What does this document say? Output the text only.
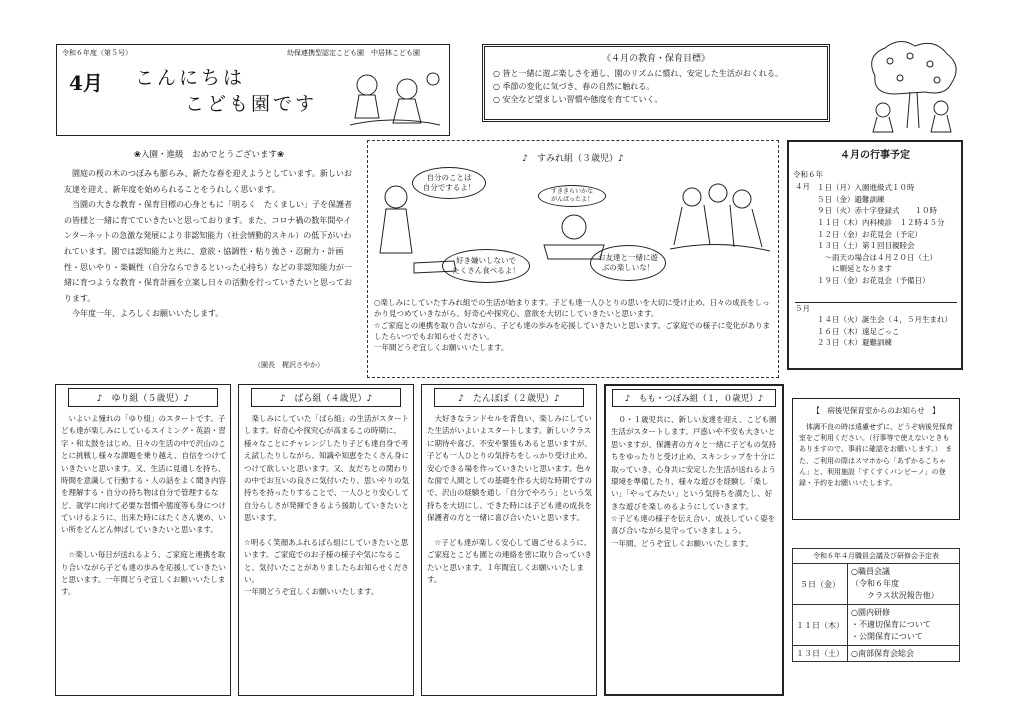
令和６年度（第５号）	幼保連携型認定こども園　中居林こども園
4月 こんにちは
こども園です
《４月の教育・保育目標》
○ 皆と一緒に遊ぶ楽しさを通し、園のリズムに慣れ、安定した生活がおくれる。
○ 季節の変化に気づき、春の自然に触れる。
○ 安全など望ましい習慣や態度を育てていく。
❀入園・進級　おめでとうございます❀
　園庭の桜の木のつぼみも膨らみ、新たな春を迎えようとしています。新しいお友達を迎え、新年度を始められることをうれしく思います。
　当園の大きな教育・保育目標の心身ともに「明るく　たくましい」子を保護者の皆様と一緒に育てていきたいと思っております。また、コロナ禍の数年間やインターネットの急激な発展により非認知能力（社会情動的スキル）の低下がいわれています。園では認知能力と共に、意欲・協調性・粘り強さ・忍耐力・計画性・思いやり・楽観性（自分ならできるといった心持ち）などの非認知能力が一緒に育つような教育・保育計画を立案し日々の活動を行っていきたいと思っております。
　今年度一年、よろしくお願いいたします。
（園長　梶沢さやか）
♪　すみれ組（３歳児）♪
自分のことは
自分でするよ！	すききらいかな
がんばったよ！
好き嫌いしないで
たくさん食べるよ！
お友達と一緒に遊
ぶの楽しいな！
○楽しみにしていたすみれ組での生活が始まります。子ども達一人ひとりの思いを大切に受け止め、日々の成長をしっかり見つめていきながら、好奇心や探究心、意欲を大切にしていきたいと思います。
☆ご家庭との連携を取り合いながら、子ども達の歩みを応援していきたいと思います。ご家庭での様子に変化がありましたらいつでもお知らせください。
一年間どうぞ宜しくお願いいたします。
４月の行事予定
令和６年
４月 １日（月）入園進級式１０時
５日（金）避難訓練
９日（火）赤十字登録式　　１０時
１１日（木）内科検診　１２時４５分
１２日（金）お花見会（予定）
１３日（土）第１回目親睦会
　～雨天の場合は４月２０日（土）
　　に順延となります
１９日（金）お花見会（予備日）
５月
１４日（火）誕生会（４，５月生まれ）
１６日（木）遠足ごっこ
２３日（木）避難訓練
♪　ゆり組（５歳児）♪
　いよいよ憧れの「ゆり組」のスタートです。子ども達が楽しみにしているスイミング・英語・習字・和太鼓をはじめ、日々の生活の中で沢山のことに挑戦し様々な課題を乗り越え、自信をつけていきたいと思います。又、生活に見通しを持ち、時間を意識して行動する・人の話をよく聞き内容を理解する・自分の持ち物は自分で管理するなど、就学に向けて必要な習慣や態度等も身につけていけるように、出来た時にはたくさん褒め、いい所をどんどん伸ばしていきたいと思います。

　☆楽しい毎日が送れるよう、ご家庭と連携を取り合いながら子ども達の歩みを応援していきたいと思います。一年間どうぞ宜しくお願いいたします。
♪　ばら組（４歳児）♪
　楽しみにしていた「ばら組」の生活がスタートします。好奇心や探究心が高まるこの時期に、様々なことにチャレンジしたり子ども達自身で考え試したりしながら、知識や知恵をたくさん身につけて欲しいと思います。又、友だちとの関わりの中でお互いの良さに気付いたり、思いやりの気持ちを持ったりすることで、一人ひとり安心して自分らしさが発揮できるよう援助していきたいと思います。

☆明るく笑顔あふれるばら組にしていきたいと思います。ご家庭でのお子様の様子や気になること、気付いたことがありましたらお知らせください。
一年間どうぞ宜しくお願いいたします。
♪　たんぽぽ（２歳児）♪
　大好きなランドセルを背負い、楽しみにしていた生活がいよいよスタートします。新しいクラスに期待や喜び、不安や緊張もあると思いますが、子ども一人ひとりの気持ちをしっかり受け止め、安心できる場を作っていきたいと思います。色々な面で人間としての基礎を作る大切な時期ですので、沢山の経験を通し「自分でやろう」という気持ちを大切にし、できた時には子ども達の成長を保護者の方と一緒に喜び合いたいと思います。

　☆子ども達が楽しく安心して過ごせるように、ご家庭とこども園との連絡を密に取り合っていきたいと思います。１年間宜しくお願いいたします。
♪　もも・つぼみ組（１，０歳児）♪
　０・１歳児共に、新しい友達を迎え、こども園生活がスタートします。戸惑いや不安も大きいと思いますが、保護者の方々と一緒に子どもの気持ちをゆったりと受け止め、スキンシップを十分に取っていき、心身共に安定した生活が送れるよう環境を準備したり、様々な遊びを経験し「楽しい」「やってみたい」という気持ちを満たし、好きな遊びを楽しめるようにしていきます。
☆子ども達の様子を伝え合い、成長していく姿を喜び合いながら見守っていきましょう。
一年間、どうぞ宜しくお願いいたします。
【　病後児保育室からのお知らせ　】
　体調不良の時は遠慮せずに、どうぞ病後児保育室をご利用ください。（行事等で使えないときもありますので、事前に確認をお願いします。）　また、ご利用の際はスマホから「あずかるこちゃん」と、利用施設「すくすくバンビーノ」の登録・予約をお願いいたします。
令和６年４月職員会議及び研修会予定表	
５日（金）	○職員会議
（令和６年度
　　クラス状況報告他）
１１日（木）	○園内研修
・不適切保育について
・公開保育について
１３日（土）	○南部保育会総会
